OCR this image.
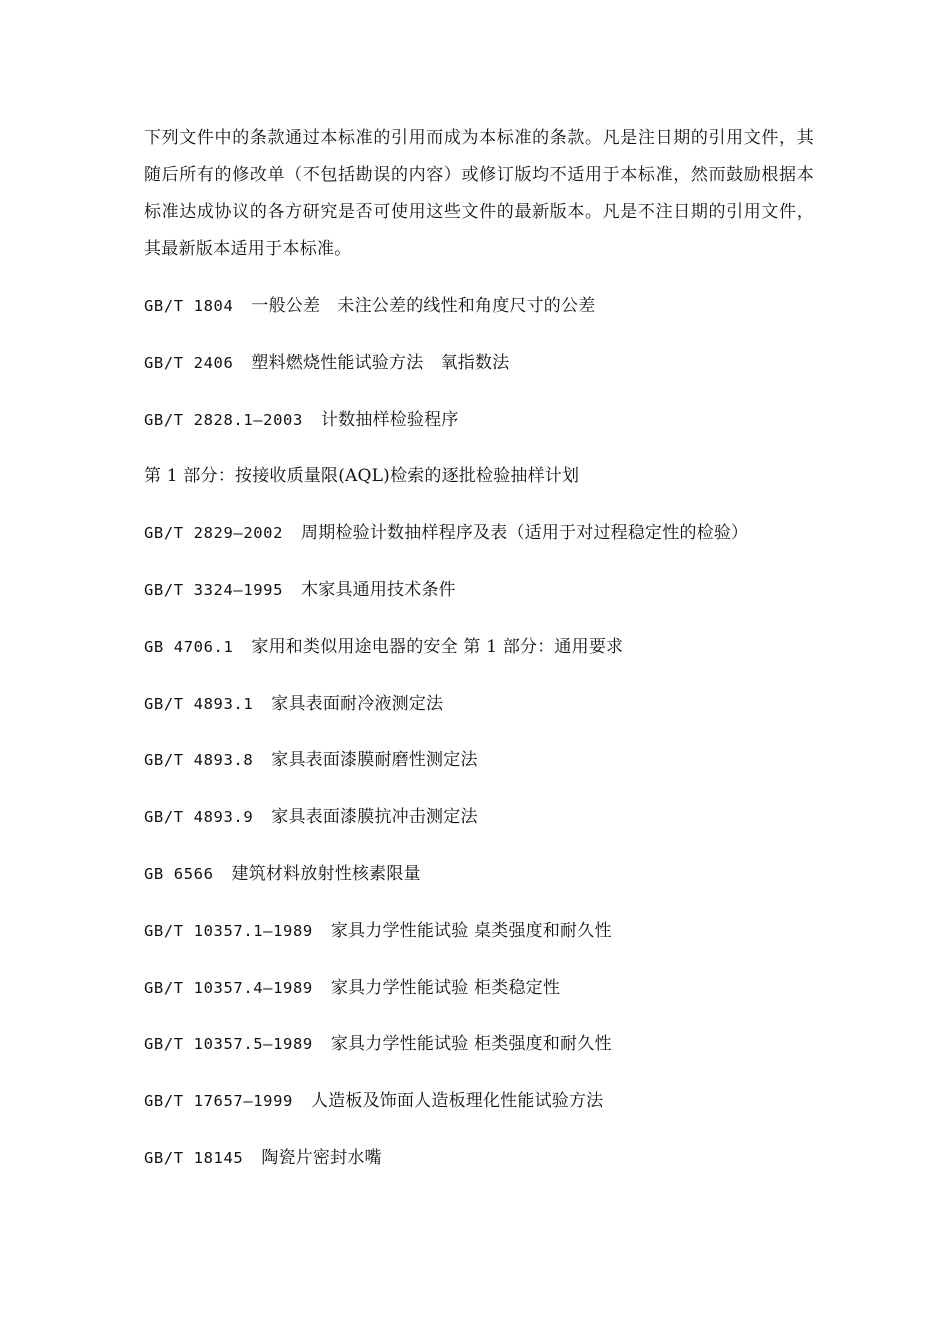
下列文件中的条款通过本标准的引用而成为本标准的条款。凡是注日期的引用文件，其随后所有的修改单（不包括勘误的内容）或修订版均不适用于本标准，然而鼓励根据本标准达成协议的各方研究是否可使用这些文件的最新版本。凡是不注日期的引用文件，其最新版本适用于本标准。

GB/T 1804 一般公差　未注公差的线性和角度尺寸的公差
GB/T 2406 塑料燃烧性能试验方法　氧指数法
GB/T 2828.1—2003 计数抽样检验程序
第 1 部分：按接收质量限(AQL)检索的逐批检验抽样计划
GB/T 2829—2002 周期检验计数抽样程序及表（适用于对过程稳定性的检验）
GB/T 3324—1995 木家具通用技术条件
GB 4706.1 家用和类似用途电器的安全 第 1 部分：通用要求
GB/T 4893.1 家具表面耐冷液测定法
GB/T 4893.8 家具表面漆膜耐磨性测定法
GB/T 4893.9 家具表面漆膜抗冲击测定法
GB 6566 建筑材料放射性核素限量
GB/T 10357.1—1989 家具力学性能试验 桌类强度和耐久性
GB/T 10357.4—1989 家具力学性能试验 柜类稳定性
GB/T 10357.5—1989 家具力学性能试验 柜类强度和耐久性
GB/T 17657—1999 人造板及饰面人造板理化性能试验方法
GB/T 18145 陶瓷片密封水嘴
